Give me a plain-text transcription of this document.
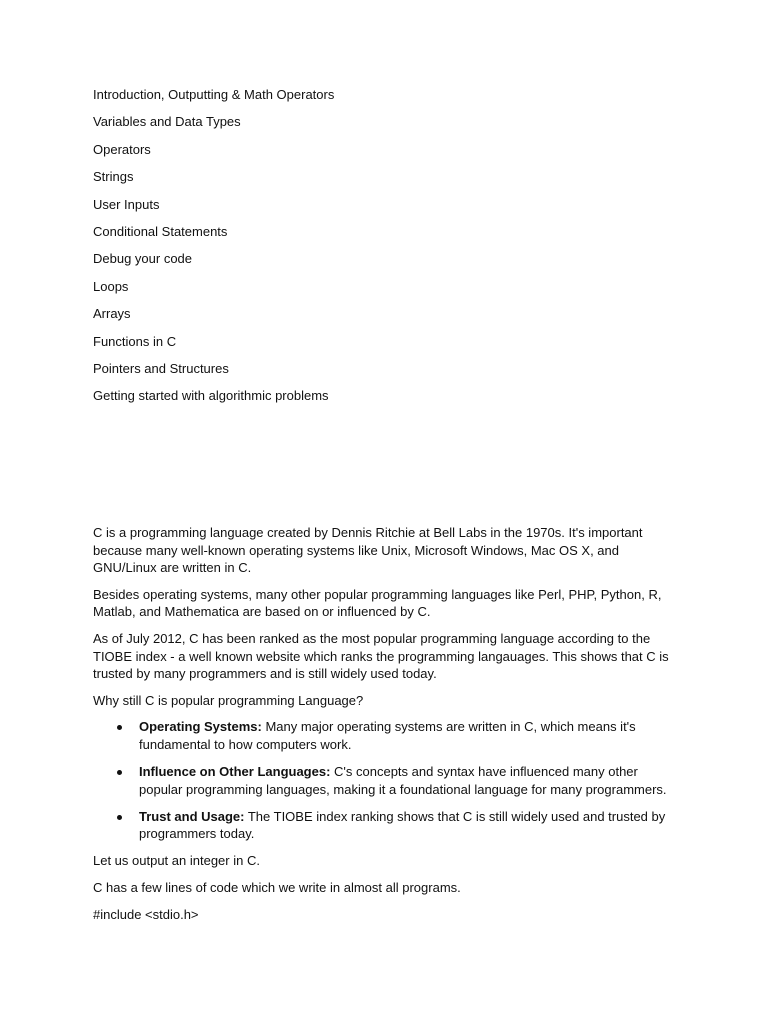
Introduction, Outputting & Math Operators
Variables and Data Types
Operators
Strings
User Inputs
Conditional Statements
Debug your code
Loops
Arrays
Functions in C
Pointers and Structures
Getting started with algorithmic problems

C is a programming language created by Dennis Ritchie at Bell Labs in the 1970s. It's important because many well-known operating systems like Unix, Microsoft Windows, Mac OS X, and GNU/Linux are written in C.

Besides operating systems, many other popular programming languages like Perl, PHP, Python, R, Matlab, and Mathematica are based on or influenced by C.

As of July 2012, C has been ranked as the most popular programming language according to the TIOBE index - a well known website which ranks the programming langauages. This shows that C is trusted by many programmers and is still widely used today.

Why still C is popular programming Language?

Operating Systems: Many major operating systems are written in C, which means it's fundamental to how computers work.
Influence on Other Languages: C's concepts and syntax have influenced many other popular programming languages, making it a foundational language for many programmers.
Trust and Usage: The TIOBE index ranking shows that C is still widely used and trusted by programmers today.

Let us output an integer in C.

C has a few lines of code which we write in almost all programs.

#include <stdio.h>
